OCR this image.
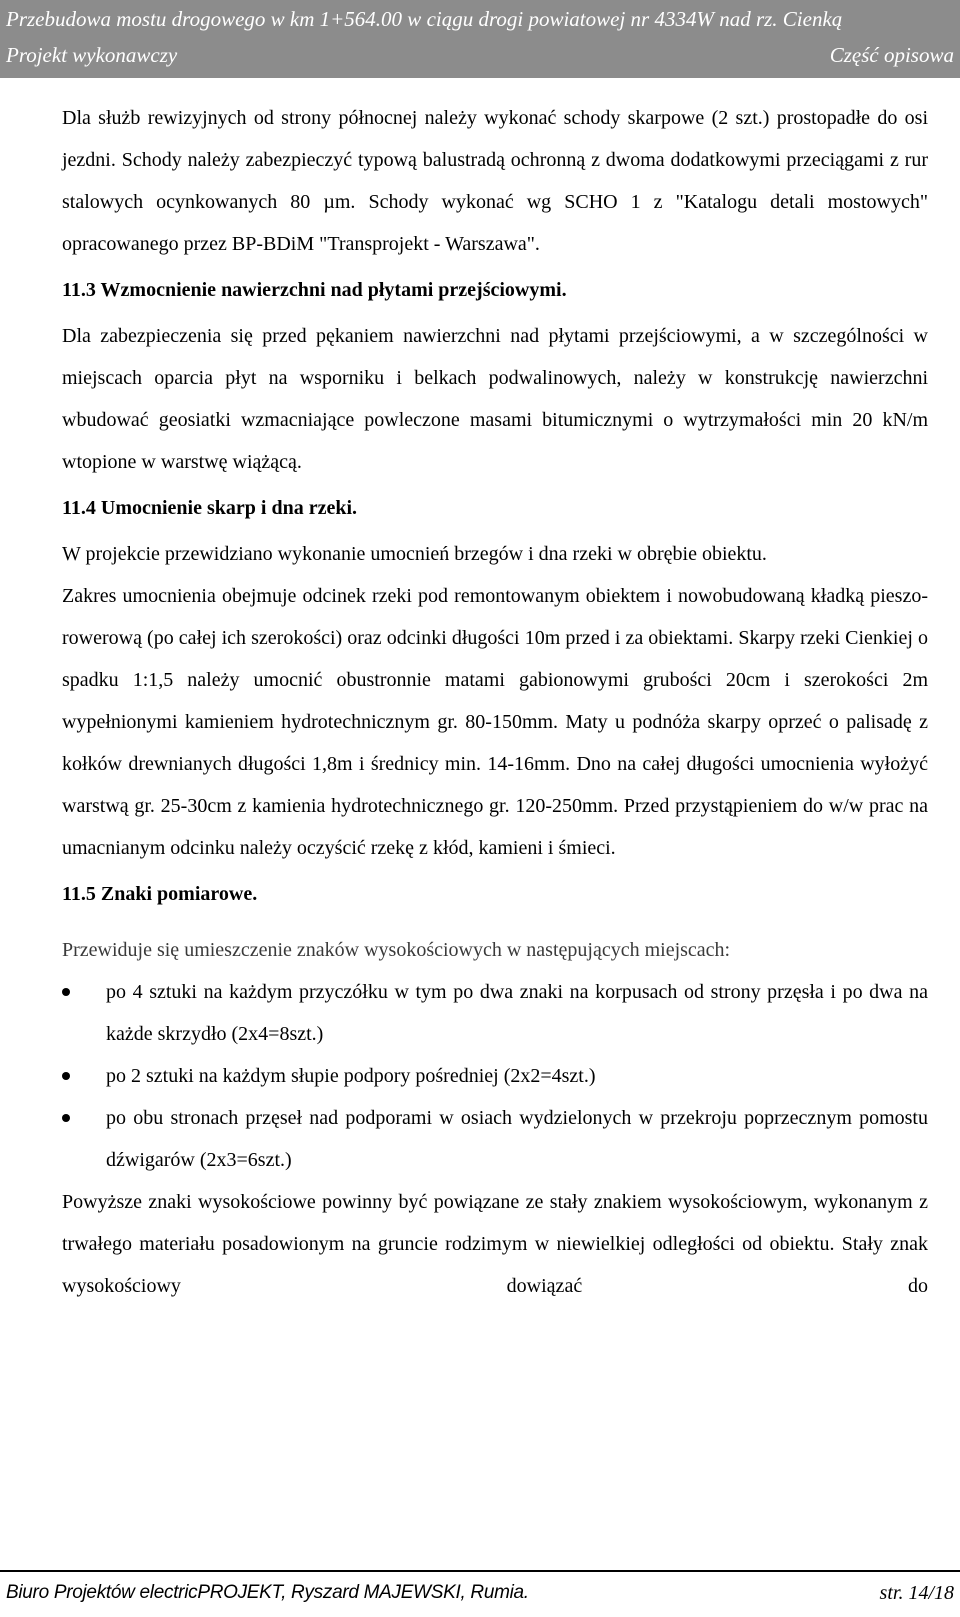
Przebudowa mostu drogowego w km 1+564.00 w ciągu drogi powiatowej nr 4334W nad rz. Cienką
Projekt wykonawczy	Część opisowa

Dla służb rewizyjnych od strony północnej należy wykonać schody skarpowe (2 szt.) prostopadłe do osi jezdni. Schody należy zabezpieczyć typową balustradą ochronną z dwoma dodatkowymi przeciągami z rur stalowych ocynkowanych 80 µm. Schody wykonać wg SCHO 1 z "Katalogu detali mostowych" opracowanego przez BP-BDiM "Transprojekt - Warszawa".

11.3 Wzmocnienie nawierzchni nad płytami przejściowymi.

Dla zabezpieczenia się przed pękaniem nawierzchni nad płytami przejściowymi, a w szczególności w miejscach oparcia płyt na wsporniku i belkach podwalinowych, należy w konstrukcję nawierzchni wbudować geosiatki wzmacniające powleczone masami bitumicznymi o wytrzymałości min 20 kN/m wtopione w warstwę wiążącą.

11.4 Umocnienie skarp i dna rzeki.

W projekcie przewidziano wykonanie umocnień brzegów i dna rzeki w obrębie obiektu.

Zakres umocnienia obejmuje odcinek rzeki pod remontowanym obiektem i nowobudowaną kładką pieszo-rowerową (po całej ich szerokości) oraz odcinki długości 10m przed i za obiektami. Skarpy rzeki Cienkiej o spadku 1:1,5 należy umocnić obustronnie matami gabionowymi grubości 20cm i szerokości 2m wypełnionymi kamieniem hydrotechnicznym gr. 80-150mm. Maty u podnóża skarpy oprzeć o palisadę z kołków drewnianych długości 1,8m i średnicy min. 14-16mm. Dno na całej długości umocnienia wyłożyć warstwą gr. 25-30cm z kamienia hydrotechnicznego gr. 120-250mm. Przed przystąpieniem do w/w prac na umacnianym odcinku należy oczyścić rzekę z kłód, kamieni i śmieci.

11.5 Znaki pomiarowe.

Przewiduje się umieszczenie znaków wysokościowych w następujących miejscach:

po 4 sztuki na każdym przyczółku w tym po dwa znaki na korpusach od strony przęsła i po dwa na każde skrzydło (2x4=8szt.)
po 2 sztuki na każdym słupie podpory pośredniej (2x2=4szt.)
po obu stronach przęseł nad podporami w osiach wydzielonych w przekroju poprzecznym pomostu dźwigarów (2x3=6szt.)

Powyższe znaki wysokościowe powinny być powiązane ze stały znakiem wysokościowym, wykonanym z trwałego materiału posadowionym na gruncie rodzimym w niewielkiej odległości od obiektu. Stały znak wysokościowy dowiązać do

Biuro Projektów electricPROJEKT, Ryszard MAJEWSKI, Rumia.	str. 14/18
